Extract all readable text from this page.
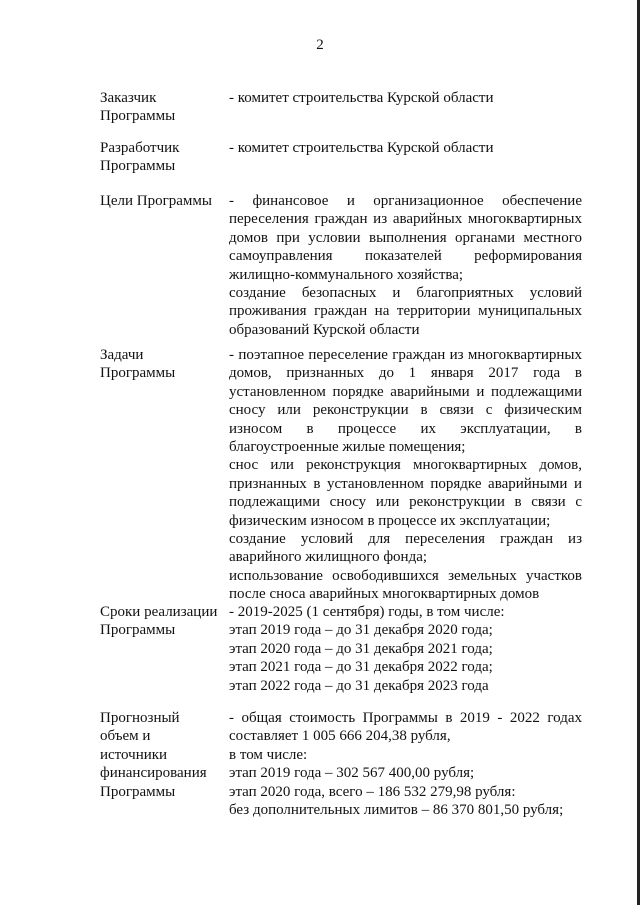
2
Заказчик
Программы

- комитет строительства Курской области

Разработчик
Программы

- комитет строительства Курской области

Цели Программы	- финансовое и организационное обеспечение переселения граждан из аварийных многоквартирных домов при условии выполнения органами местного самоуправления показателей реформирования жилищно-коммунального хозяйства;

создание безопасных и благоприятных условий проживания граждан на территории муниципальных образований Курской области

Задачи
Программы

- поэтапное переселение граждан из многоквартирных домов, признанных до 1 января 2017 года в установленном порядке аварийными и подлежащими сносу или реконструкции в связи с физическим износом в процессе их эксплуатации, в благоустроенные жилые помещения;

снос или реконструкция многоквартирных домов, признанных в установленном порядке аварийными и подлежащими сносу или реконструкции в связи с физическим износом в процессе их эксплуатации;

создание условий для переселения граждан из аварийного жилищного фонда;

использование освободившихся земельных участков после сноса аварийных многоквартирных домов

Сроки реализации
Программы

- 2019-2025 (1 сентября) годы, в том числе:

этап 2019 года – до 31 декабря 2020 года;

этап 2020 года – до 31 декабря 2021 года;

этап 2021 года – до 31 декабря 2022 года;

этап 2022 года – до 31 декабря 2023 года

Прогнозный
объем и
источники
финансирования
Программы

- общая стоимость Программы в 2019 - 2022 годах составляет 1 005 666 204,38 рубля,

в том числе:

этап 2019 года – 302 567 400,00 рубля;

этап 2020 года, всего – 186 532 279,98 рубля:

без дополнительных лимитов – 86 370 801,50 рубля;
